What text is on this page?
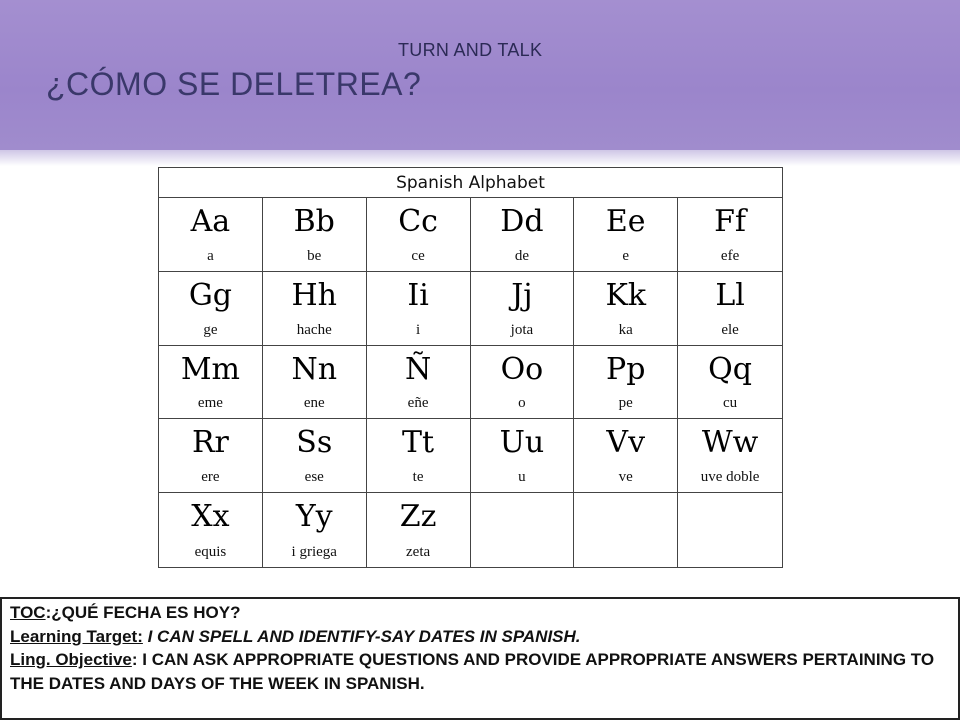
TURN AND TALK
¿CÓMO SE DELETREA?
Spanish Alphabet
Aa
a
Bb
be
Cc
ce
Dd
de
Ee
e
Ff
efe
Gg
ge
Hh
hache
Ii
i
Jj
jota
Kk
ka
Ll
ele
Mm
eme
Nn
ene
Ñ
eñe
Oo
o
Pp
pe
Qq
cu
Rr
ere
Ss
ese
Tt
te
Uu
u
Vv
ve
Ww
uve doble
Xx
equis
Yy
i griega
Zz
zeta
TOC:¿QUÉ FECHA ES HOY?
Learning Target: I CAN SPELL AND IDENTIFY-SAY DATES IN SPANISH.
Ling. Objective: I CAN ASK APPROPRIATE QUESTIONS AND PROVIDE APPROPRIATE ANSWERS PERTAINING TO THE DATES AND DAYS OF THE WEEK IN SPANISH.
